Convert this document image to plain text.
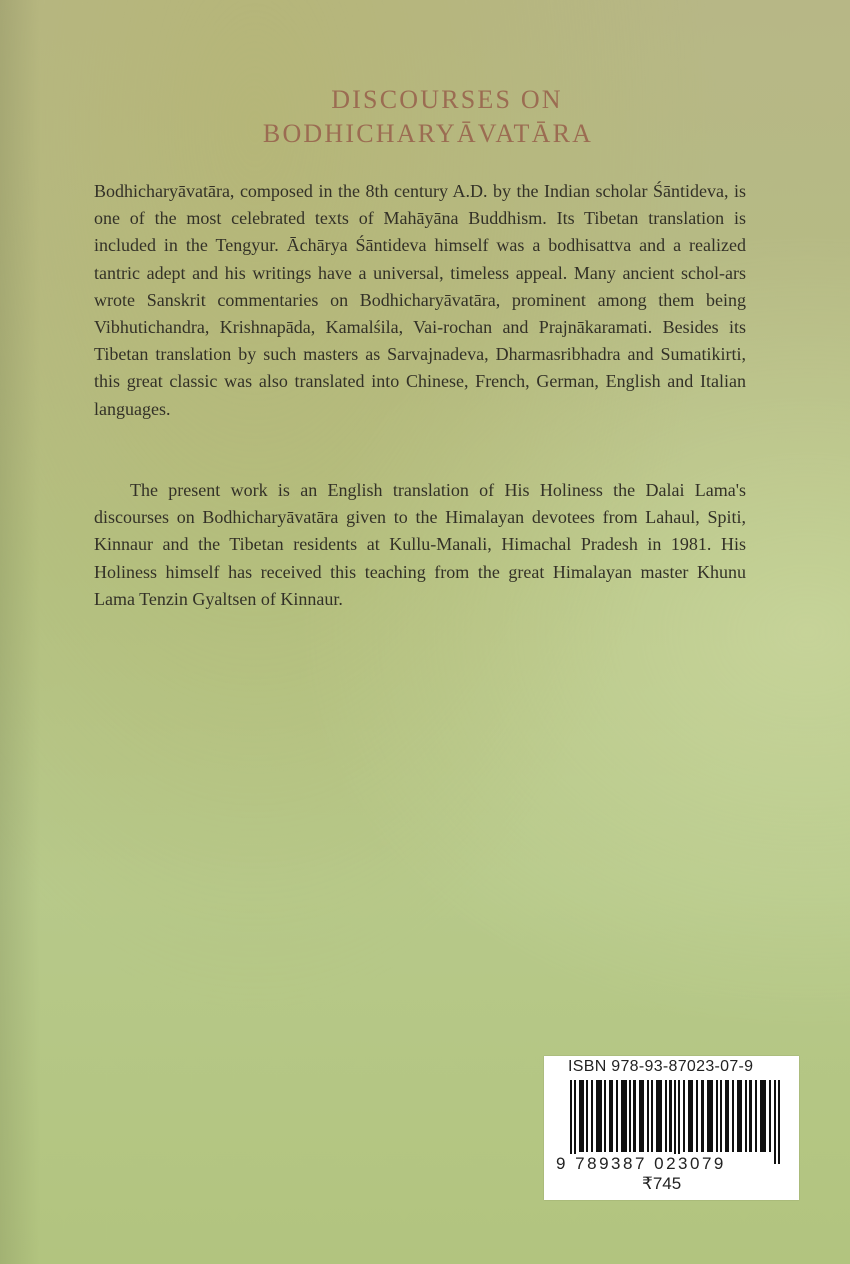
DISCOURSES ON
BODHICHARYĀVATĀRA

Bodhicharyāvatāra, composed in the 8th century A.D. by the Indian scholar Śāntideva, is one of the most celebrated texts of Mahāyāna Buddhism. Its Tibetan translation is included in the Tengyur. Āchārya Śāntideva himself was a bodhisattva and a realized tantric adept and his writings have a universal, timeless appeal. Many ancient schol-ars wrote Sanskrit commentaries on Bodhicharyāvatāra, prominent among them being Vibhutichandra, Krishnapāda, Kamalśila, Vai-rochan and Prajnākaramati. Besides its Tibetan translation by such masters as Sarvajnadeva, Dharmasribhadra and Sumatikirti, this great classic was also translated into Chinese, French, German, English and Italian languages.

The present work is an English translation of His Holiness the Dalai Lama's discourses on Bodhicharyāvatāra given to the Himalayan devotees from Lahaul, Spiti, Kinnaur and the Tibetan residents at Kullu-Manali, Himachal Pradesh in 1981. His Holiness himself has received this teaching from the great Himalayan master Khunu Lama Tenzin Gyaltsen of Kinnaur.

ISBN 978-93-87023-07-9
9 789387 023079
₹745
